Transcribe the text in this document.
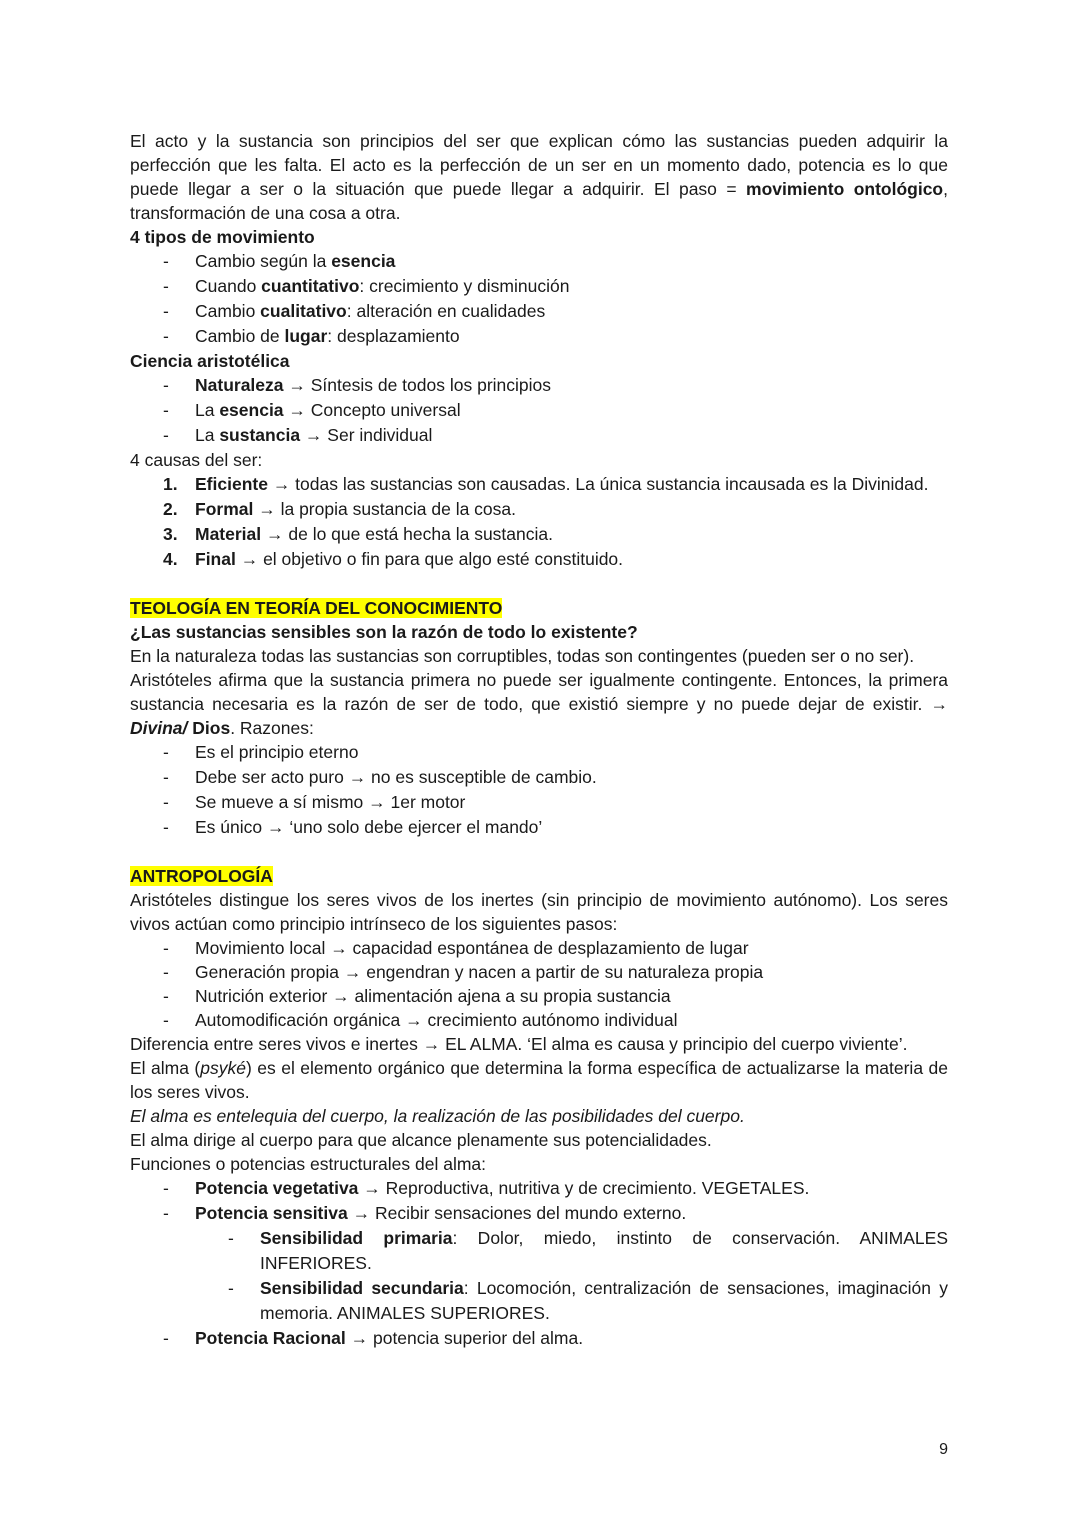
El acto y la sustancia son principios del ser que explican cómo las sustancias pueden adquirir la perfección que les falta. El acto es la perfección de un ser en un momento dado, potencia es lo que puede llegar a ser o la situación que puede llegar a adquirir. El paso = movimiento ontológico, transformación de una cosa a otra.

4 tipos de movimiento

- Cambio según la esencia
- Cuando cuantitativo: crecimiento y disminución
- Cambio cualitativo: alteración en cualidades
- Cambio de lugar: desplazamiento

Ciencia aristotélica

- Naturaleza → Síntesis de todos los principios
- La esencia → Concepto universal
- La sustancia → Ser individual

4 causas del ser:

1. Eficiente → todas las sustancias son causadas. La única sustancia incausada es la Divinidad.
2. Formal → la propia sustancia de la cosa.
3. Material → de lo que está hecha la sustancia.
4. Final → el objetivo o fin para que algo esté constituido.

TEOLOGÍA EN TEORÍA DEL CONOCIMIENTO

¿Las sustancias sensibles son la razón de todo lo existente?

En la naturaleza todas las sustancias son corruptibles, todas son contingentes (pueden ser o no ser).

Aristóteles afirma que la sustancia primera no puede ser igualmente contingente. Entonces, la primera sustancia necesaria es la razón de ser de todo, que existió siempre y no puede dejar de existir. → Divina/ Dios. Razones:

- Es el principio eterno
- Debe ser acto puro → no es susceptible de cambio.
- Se mueve a sí mismo → 1er motor
- Es único → ‘uno solo debe ejercer el mando’

ANTROPOLOGÍA

Aristóteles distingue los seres vivos de los inertes (sin principio de movimiento autónomo). Los seres vivos actúan como principio intrínseco de los siguientes pasos:

- Movimiento local → capacidad espontánea de desplazamiento de lugar
- Generación propia → engendran y nacen a partir de su naturaleza propia
- Nutrición exterior → alimentación ajena a su propia sustancia
- Automodificación orgánica → crecimiento autónomo individual

Diferencia entre seres vivos e inertes → EL ALMA. ‘El alma es causa y principio del cuerpo viviente’.

El alma (psyké) es el elemento orgánico que determina la forma específica de actualizarse la materia de los seres vivos.

El alma es entelequia del cuerpo, la realización de las posibilidades del cuerpo.

El alma dirige al cuerpo para que alcance plenamente sus potencialidades.

Funciones o potencias estructurales del alma:

- Potencia vegetativa → Reproductiva, nutritiva y de crecimiento. VEGETALES.
- Potencia sensitiva → Recibir sensaciones del mundo externo.
- Sensibilidad primaria: Dolor, miedo, instinto de conservación. ANIMALES INFERIORES.
- Sensibilidad secundaria: Locomoción, centralización de sensaciones, imaginación y memoria. ANIMALES SUPERIORES.
- Potencia Racional → potencia superior del alma.
9
